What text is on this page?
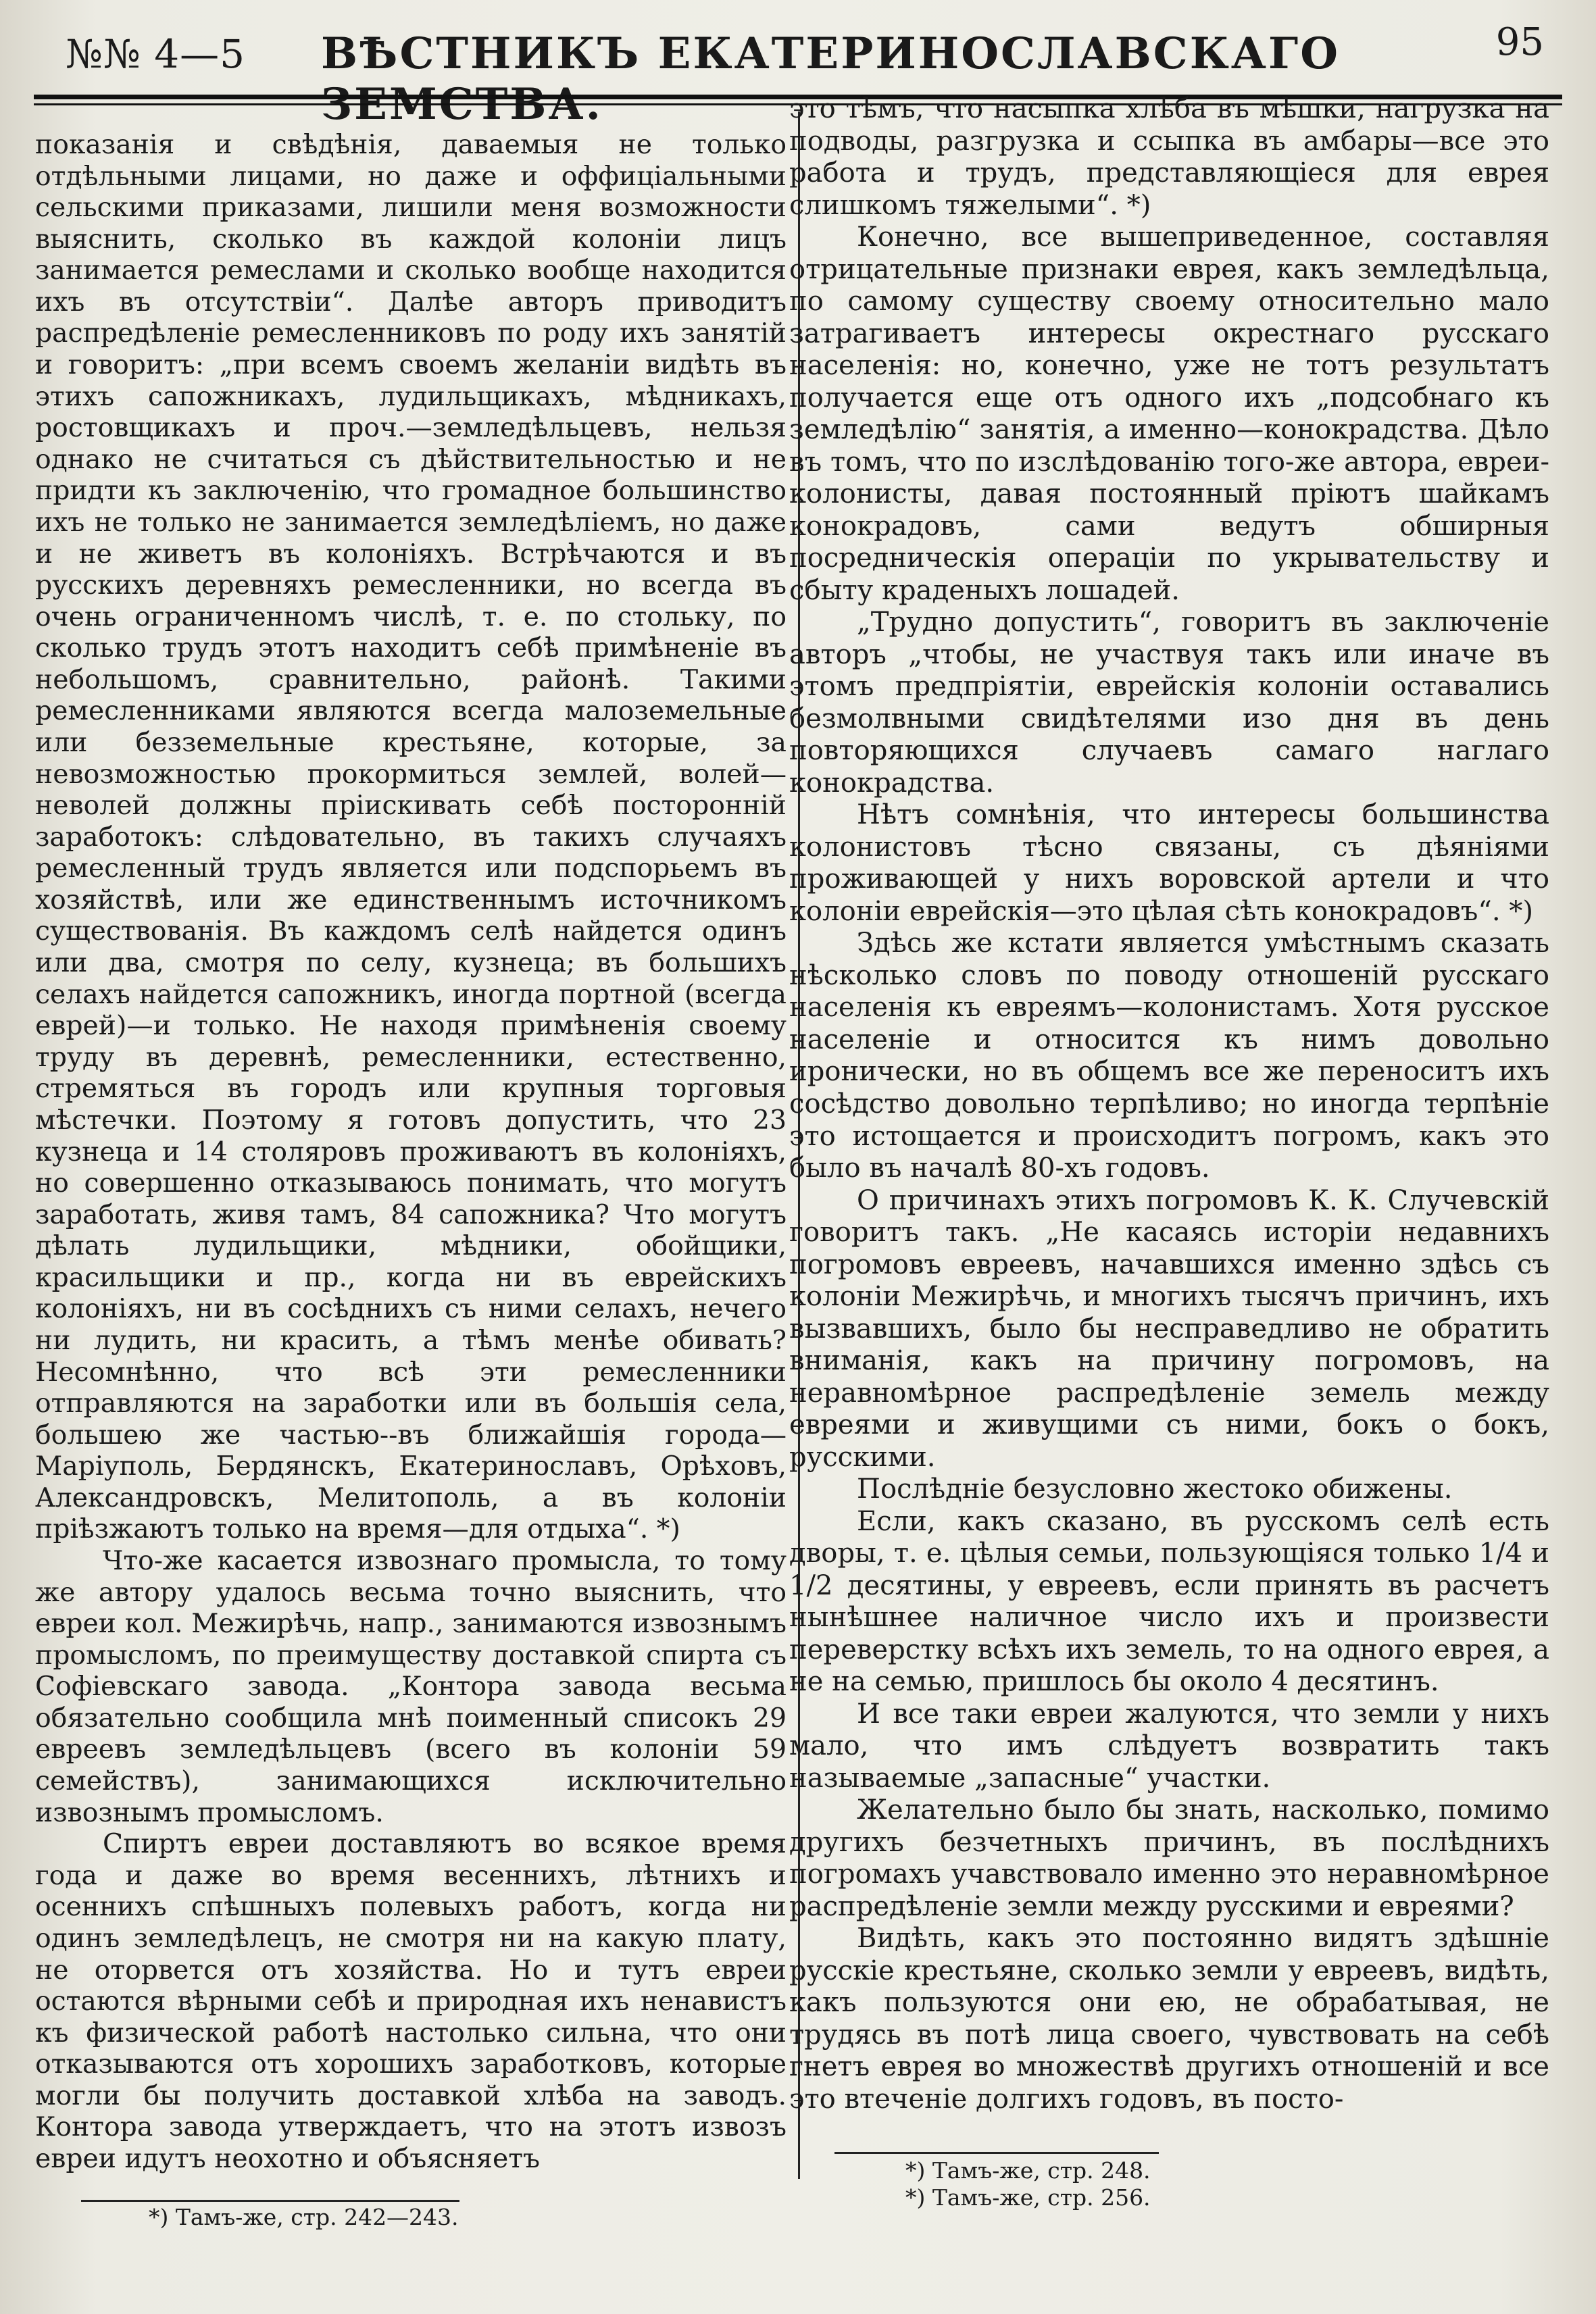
№№ 4—5 ВѢСТНИКЪ ЕКАТЕРИНОСЛАВСКАГО	95

показанія и свѣдѣнія, даваемыя не только отдѣльными лицами, но даже и оффиціальными сельскими приказами, лишили меня возможности выяснить, сколько въ каждой колоніи лицъ занимается ремеслами и сколько вообще находится ихъ въ отсутствіи“. Далѣе авторъ приводитъ распредѣленіе ремесленниковъ по роду ихъ занятій и говоритъ: „при всемъ своемъ желаніи видѣть въ этихъ сапожникахъ, лудильщикахъ, мѣдникахъ, ростовщикахъ и проч.—земледѣльцевъ, нельзя однако не считаться съ дѣйствительностью и не придти къ заключенію, что громадное большинство ихъ не только не занимается земледѣліемъ, но даже и не живетъ въ колоніяхъ. Встрѣчаются и въ русскихъ деревняхъ ремесленники, но всегда въ очень ограниченномъ числѣ, т. е. по стольку, по сколько трудъ этотъ находитъ себѣ примѣненіе въ небольшомъ, сравнительно, районѣ. Такими ремесленниками являются всегда малоземельные или безземельные крестьяне, которые, за невозможностью прокормиться землей, волей—неволей должны пріискивать себѣ посторонній заработокъ: слѣдовательно, въ такихъ случаяхъ ремесленный трудъ является или подспорьемъ въ хозяйствѣ, или же единственнымъ источникомъ существованія. Въ каждомъ селѣ найдется одинъ или два, смотря по селу, кузнеца; въ большихъ селахъ найдется сапожникъ, иногда портной (всегда еврей)—и только. Не находя примѣненія своему труду въ деревнѣ, ремесленники, естественно, стремяться въ городъ или крупныя торговыя мѣстечки. Поэтому я готовъ допустить, что 23 кузнеца и 14 столяровъ проживаютъ въ колоніяхъ, но совершенно отказываюсь понимать, что могутъ заработать, живя тамъ, 84 сапожника? Что могутъ дѣлать лудильщики, мѣдники, обойщики, красильщики и пр., когда ни въ еврейскихъ колоніяхъ, ни въ сосѣднихъ съ ними селахъ, нечего ни лудить, ни красить, а тѣмъ менѣе обивать? Несомнѣнно, что всѣ эти ремесленники отправляются на заработки или въ большія села, большею же частью--въ ближайшія города—Маріуполь, Бердянскъ, Екатеринославъ, Орѣховъ, Александровскъ, Мелитополь, а въ колоніи пріѣзжаютъ только на время—для отдыха“. *)

Что-же касается извознаго промысла, то тому же автору удалось весьма точно выяснить, что евреи кол. Межирѣчь, напр., занимаются извознымъ промысломъ, по преимуществу доставкой спирта съ Софіевскаго завода. „Контора завода весьма обязательно сообщила мнѣ поименный списокъ 29 евреевъ земледѣльцевъ (всего въ колоніи 59 семействъ), занимающихся исключительно извознымъ промысломъ.

Спиртъ евреи доставляютъ во всякое время года и даже во время весеннихъ, лѣтнихъ и осеннихъ спѣшныхъ полевыхъ работъ, когда ни одинъ земледѣлецъ, не смотря ни на какую плату, не оторвется отъ хозяйства. Но и тутъ евреи остаются вѣрными себѣ и природная ихъ ненавистъ къ физической работѣ настолько сильна, что они отказываются отъ хорошихъ заработковъ, которые могли бы получить доставкой хлѣба на заводъ. Контора завода утверждаетъ, что на этотъ извозъ евреи идутъ неохотно и объясняетъ

это тѣмъ, что насыпка хлѣба въ мѣшки, нагрузка на подводы, разгрузка и ссыпка въ амбары—все это работа и трудъ, представляющіеся для еврея слишкомъ тяжелыми“. *)

Конечно, все вышеприведенное, составляя отрицательные признаки еврея, какъ земледѣльца, по самому существу своему относительно мало затрагиваетъ интересы окрестнаго русскаго населенія: но, конечно, уже не тотъ результатъ получается еще отъ одного ихъ „подсобнаго къ земледѣлію“ занятія, а именно—конокрадства. Дѣло въ томъ, что по изслѣдованію того-же автора, евреи-колонисты, давая постоянный пріютъ шайкамъ конокрадовъ, сами ведутъ обширныя посредническія операціи по укрывательству и сбыту краденыхъ лошадей.

„Трудно допустить“, говоритъ въ заключеніе авторъ „чтобы, не участвуя такъ или иначе въ этомъ предпріятіи, еврейскія колоніи оставались безмолвными свидѣтелями изо дня въ день повторяющихся случаевъ самаго наглаго конокрадства.

Нѣтъ сомнѣнія, что интересы большинства колонистовъ тѣсно связаны, съ дѣяніями проживающей у нихъ воровской артели и что колоніи еврейскія—это цѣлая сѣть конокрадовъ“. *)

Здѣсь же кстати является умѣстнымъ сказать нѣсколько словъ по поводу отношеній русскаго населенія къ евреямъ—колонистамъ. Хотя русское населеніе и относится къ нимъ довольно иронически, но въ общемъ все же переноситъ ихъ сосѣдство довольно терпѣливо; но иногда терпѣніе это истощается и происходитъ погромъ, какъ это было въ началѣ 80-хъ годовъ.

О причинахъ этихъ погромовъ К. К. Случевскій говоритъ такъ. „Не касаясь исторіи недавнихъ погромовъ евреевъ, начавшихся именно здѣсь съ колоніи Межирѣчь, и многихъ тысячъ причинъ, ихъ вызвавшихъ, было бы несправедливо не обратить вниманія, какъ на причину погромовъ, на неравномѣрное распредѣленіе земель между евреями и живущими съ ними, бокъ о бокъ, русскими.

Послѣдніе безусловно жестоко обижены.

Если, какъ сказано, въ русскомъ селѣ есть дворы, т. е. цѣлыя семьи, пользующіяся только 1/4 и 1/2 десятины, у евреевъ, если принять въ расчетъ нынѣшнее наличное число ихъ и произвести переверстку всѣхъ ихъ земель, то на одного еврея, а не на семью, пришлось бы около 4 десятинъ.

И все таки евреи жалуются, что земли у нихъ мало, что имъ слѣдуетъ возвратить такъ называемые „запасные“ участки.

Желательно было бы знать, насколько, помимо другихъ безчетныхъ причинъ, въ послѣднихъ погромахъ учавствовало именно это неравномѣрное распредѣленіе земли между русскими и евреями?

Видѣть, какъ это постоянно видятъ здѣшніе русскіе крестьяне, сколько земли у евреевъ, видѣть, какъ пользуются они ею, не обрабатывая, не трудясь въ потѣ лица своего, чувствовать на себѣ гнетъ еврея во множествѣ другихъ отношеній и все это втеченіе долгихъ годовъ, въ посто-

*) Тамъ-же, стр. 242—243.
*) Тамъ-же, стр. 248.
*) Тамъ-же, стр. 256.
